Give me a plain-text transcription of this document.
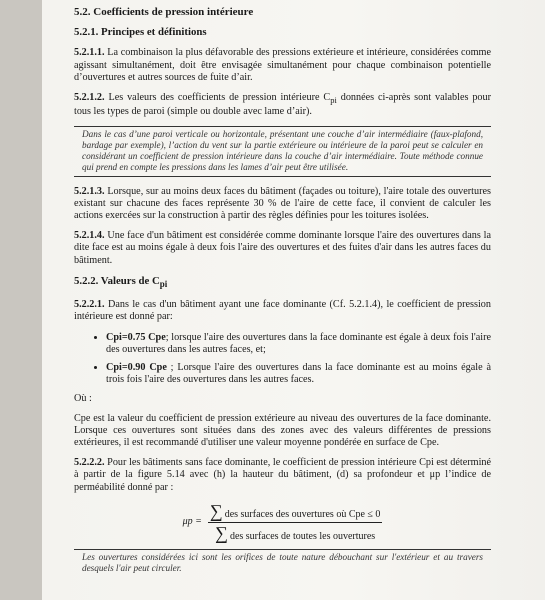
5.2. Coefficients de pression intérieure
5.2.1. Principes et définitions

5.2.1.1. La combinaison la plus défavorable des pressions extérieure et intérieure, considérées comme agissant simultanément, doit être envisagée simultanément pour chaque combinaison potentielle d’ouvertures et autres sources de fuite d’air.

5.2.1.2. Les valeurs des coefficients de pression intérieure $C_{pi}$ données ci-après sont valables pour tous les types de paroi (simple ou double avec lame d’air).

Dans le cas d’une paroi verticale ou horizontale, présentant une couche d’air intermédiaire (faux-plafond, bardage par exemple), l’action du vent sur la partie extérieure ou intérieure de la paroi peut se calculer en considérant un coefficient de pression intérieure dans la couche d’air intermédiaire. Toute méthode connue qui prend en compte les pressions dans les lames d’air peut être utilisée.

5.2.1.3. Lorsque, sur au moins deux faces du bâtiment (façades ou toiture), l'aire totale des ouvertures existant sur chacune des faces représente 30 % de l'aire de cette face, il convient de calculer les actions exercées sur la construction à partir des règles définies pour les toitures isolées.

5.2.1.4. Une face d'un bâtiment est considérée comme dominante lorsque l'aire des ouvertures dans la dite face est au moins égale à deux fois l'aire des ouvertures et des fuites d'air dans les autres faces du bâtiment.

5.2.2. Valeurs de $C_{pi}$

5.2.2.1. Dans le cas d'un bâtiment ayant une face dominante (Cf. 5.2.1.4), le coefficient de pression intérieure est donné par:

• Cpi=0.75 Cpe; lorsque l'aire des ouvertures dans la face dominante est égale à deux fois l'aire des ouvertures dans les autres faces, et;
• Cpi=0.90 Cpe ; Lorsque l'aire des ouvertures dans la face dominante est au moins égale à trois fois l'aire des ouvertures dans les autres faces.

Où :

Cpe est la valeur du coefficient de pression extérieure au niveau des ouvertures de la face dominante. Lorsque ces ouvertures sont situées dans des zones avec des valeurs différentes de pressions extérieures, il est recommandé d'utiliser une valeur moyenne pondérée en surface de Cpe.

5.2.2.2. Pour les bâtiments sans face dominante, le coefficient de pression intérieure Cpi est déterminé à partir de la figure 5.14 avec (h) la hauteur du bâtiment, (d) sa profondeur et μp l’indice de perméabilité donné par :

μp =
∑ des surfaces des ouvertures où Cpe ≤ 0
∑ des surfaces de toutes les ouvertures
Les ouvertures considérées ici sont les orifices de toute nature débouchant sur l'extérieur et au travers desquels l'air peut circuler.
